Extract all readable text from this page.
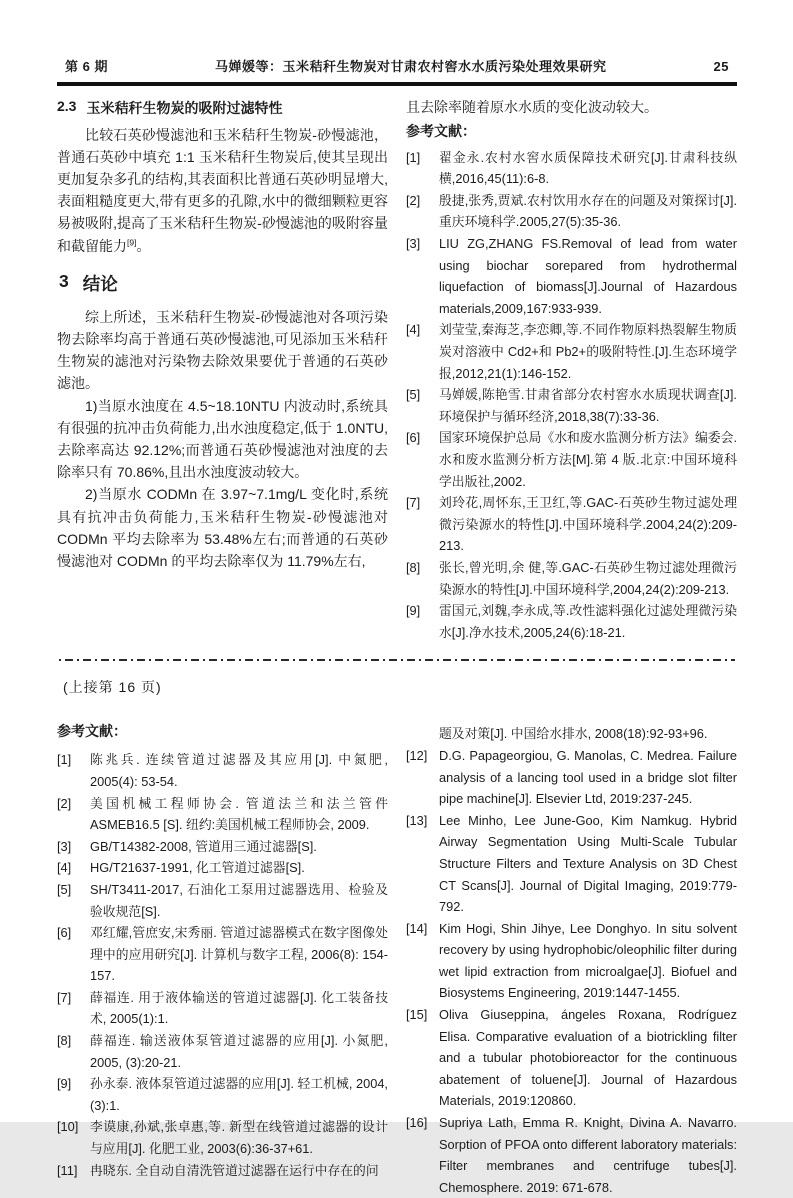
第 6 期	马婵媛等：玉米秸秆生物炭对甘肃农村窖水水质污染处理效果研究	25
2.3 玉米秸秆生物炭的吸附过滤特性

比较石英砂慢滤池和玉米秸秆生物炭-砂慢滤池，普通石英砂中填充 1:1 玉米秸秆生物炭后,使其呈现出更加复杂多孔的结构,其表面积比普通石英砂明显增大,表面粗糙度更大,带有更多的孔隙,水中的微细颗粒更容易被吸附,提高了玉米秸秆生物炭-砂慢滤池的吸附容量和截留能力[9]。

3 结论

综上所述，玉米秸秆生物炭-砂慢滤池对各项污染物去除率均高于普通石英砂慢滤池,可见添加玉米秸秆生物炭的滤池对污染物去除效果要优于普通的石英砂滤池。

1)当原水浊度在 4.5~18.10NTU 内波动时,系统具有很强的抗冲击负荷能力,出水浊度稳定,低于 1.0NTU,去除率高达 92.12%;而普通石英砂慢滤池对浊度的去除率只有 70.86%,且出水浊度波动较大。

2)当原水 CODMn 在 3.97~7.1mg/L 变化时,系统具有抗冲击负荷能力,玉米秸秆生物炭-砂慢滤池对 CODMn 平均去除率为 53.48%左右;而普通的石英砂慢滤池对 CODMn 的平均去除率仅为 11.79%左右,

且去除率随着原水水质的变化波动较大。

参考文献：
[1]	翟金永.农村水窖水质保障技术研究[J].甘肃科技纵横,2016,45(11):6-8.
[2]	殷捷,张秀,贾斌.农村饮用水存在的问题及对策探讨[J].重庆环境科学.2005,27(5):35-36.
[3]	LIU ZG,ZHANG FS.Removal of lead from water using biochar sorepared from hydrothermal liquefaction of biomass[J].Journal of Hazardous materials,2009,167:933-939.
[4]	刘莹莹,秦海芝,李恋卿,等.不同作物原料热裂解生物质炭对溶液中 Cd2+和 Pb2+的吸附特性.[J].生态环境学报,2012,21(1):146-152.
[5]	马婵媛,陈艳雪.甘肃省部分农村窖水水质现状调查[J].环境保护与循环经济,2018,38(7):33-36.
[6]	国家环境保护总局《水和废水监测分析方法》编委会.水和废水监测分析方法[M].第 4 版.北京:中国环境科学出版社,2002.
[7]	刘玲花,周怀东,王卫红,等.GAC-石英砂生物过滤处理微污染源水的特性[J].中国环境科学.2004,24(2):209-213.
[8]	张长,曾光明,余 健,等.GAC-石英砂生物过滤处理微污染源水的特性[J].中国环境科学,2004,24(2):209-213.
[9]	雷国元,刘魏,李永成,等.改性滤料强化过滤处理微污染水[J].净水技术,2005,24(6):18-21.
(上接第 16 页)
参考文献：
[1]	陈兆兵. 连续管道过滤器及其应用[J]. 中氮肥, 2005(4): 53-54.
[2]	美国机械工程师协会. 管道法兰和法兰管件 ASMEB16.5 [S]. 纽约:美国机械工程师协会, 2009.
[3]	GB/T14382-2008, 管道用三通过滤器[S].
[4]	HG/T21637-1991, 化工管道过滤器[S].
[5]	SH/T3411-2017, 石油化工泵用过滤器选用、检验及验收规范[S].
[6]	邓红耀,管庶安,宋秀丽. 管道过滤器模式在数字图像处理中的应用研究[J]. 计算机与数字工程, 2006(8): 154-157.
[7]	薛福连. 用于液体输送的管道过滤器[J]. 化工装备技术, 2005(1):1.
[8]	薛福连. 输送液体泵管道过滤器的应用[J]. 小氮肥, 2005, (3):20-21.
[9]	孙永泰. 液体泵管道过滤器的应用[J]. 轻工机械, 2004, (3):1.
[10] 李谟康,孙斌,张卓惠,等. 新型在线管道过滤器的设计与应用[J]. 化肥工业, 2003(6):36-37+61.
[11] 冉晓东. 全自动自清洗管道过滤器在运行中存在的问
题及对策[J]. 中国给水排水, 2008(18):92-93+96.
[12] D.G. Papageorgiou, G. Manolas, C. Medrea. Failure analysis of a lancing tool used in a bridge slot filter pipe machine[J]. Elsevier Ltd, 2019:237-245.
[13] Lee Minho, Lee June-Goo, Kim Namkug. Hybrid Airway Segmentation Using Multi-Scale Tubular Structure Filters and Texture Analysis on 3D Chest CT Scans[J]. Journal of Digital Imaging, 2019:779-792.
[14] Kim Hogi, Shin Jihye, Lee Donghyo. In situ solvent recovery by using hydrophobic/oleophilic filter during wet lipid extraction from microalgae[J]. Biofuel and Biosystems Engineering, 2019:1447-1455.
[15] Oliva Giuseppina, ángeles Roxana, Rodríguez Elisa. Comparative evaluation of a biotrickling filter and a tubular photobioreactor for the continuous abatement of toluene[J]. Journal of Hazardous Materials, 2019:120860.
[16] Supriya Lath, Emma R. Knight, Divina A. Navarro. Sorption of PFOA onto different laboratory materials: Filter membranes and centrifuge tubes[J]. Chemosphere. 2019: 671-678.
